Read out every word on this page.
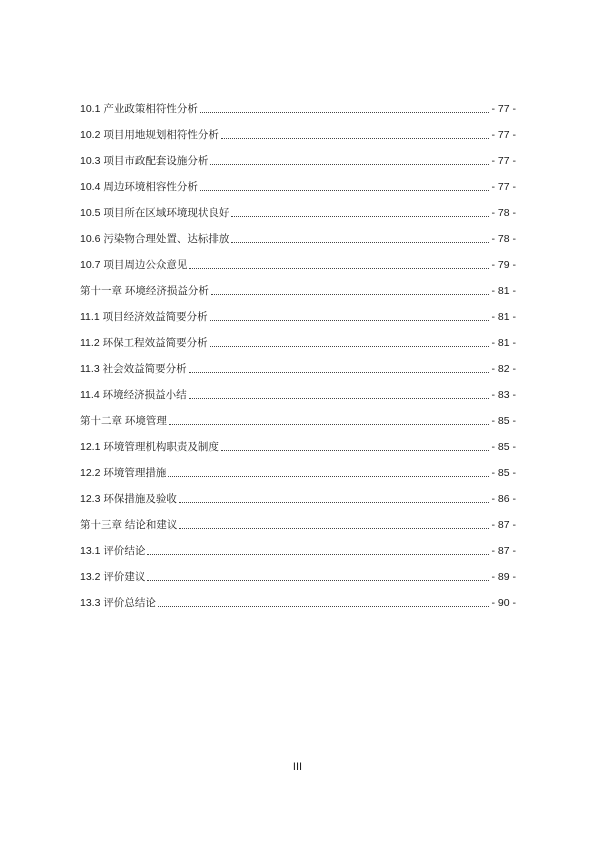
10.1 产业政策相符性分析	- 77 -
10.2 项目用地规划相符性分析	- 77 -
10.3 项目市政配套设施分析	- 77 -
10.4 周边环境相容性分析	- 77 -
10.5 项目所在区域环境现状良好	- 78 -
10.6 污染物合理处置、达标排放	- 78 -
10.7 项目周边公众意见	- 79 -
第十一章 环境经济损益分析	- 81 -
11.1 项目经济效益简要分析	- 81 -
11.2 环保工程效益简要分析	- 81 -
11.3 社会效益简要分析	- 82 -
11.4 环境经济损益小结	- 83 -
第十二章 环境管理	- 85 -
12.1 环境管理机构职责及制度	- 85 -
12.2 环境管理措施	- 85 -
12.3 环保措施及验收	- 86 -
第十三章 结论和建议	- 87 -
13.1 评价结论	- 87 -
13.2 评价建议	- 89 -
13.3 评价总结论	- 90 -
III
